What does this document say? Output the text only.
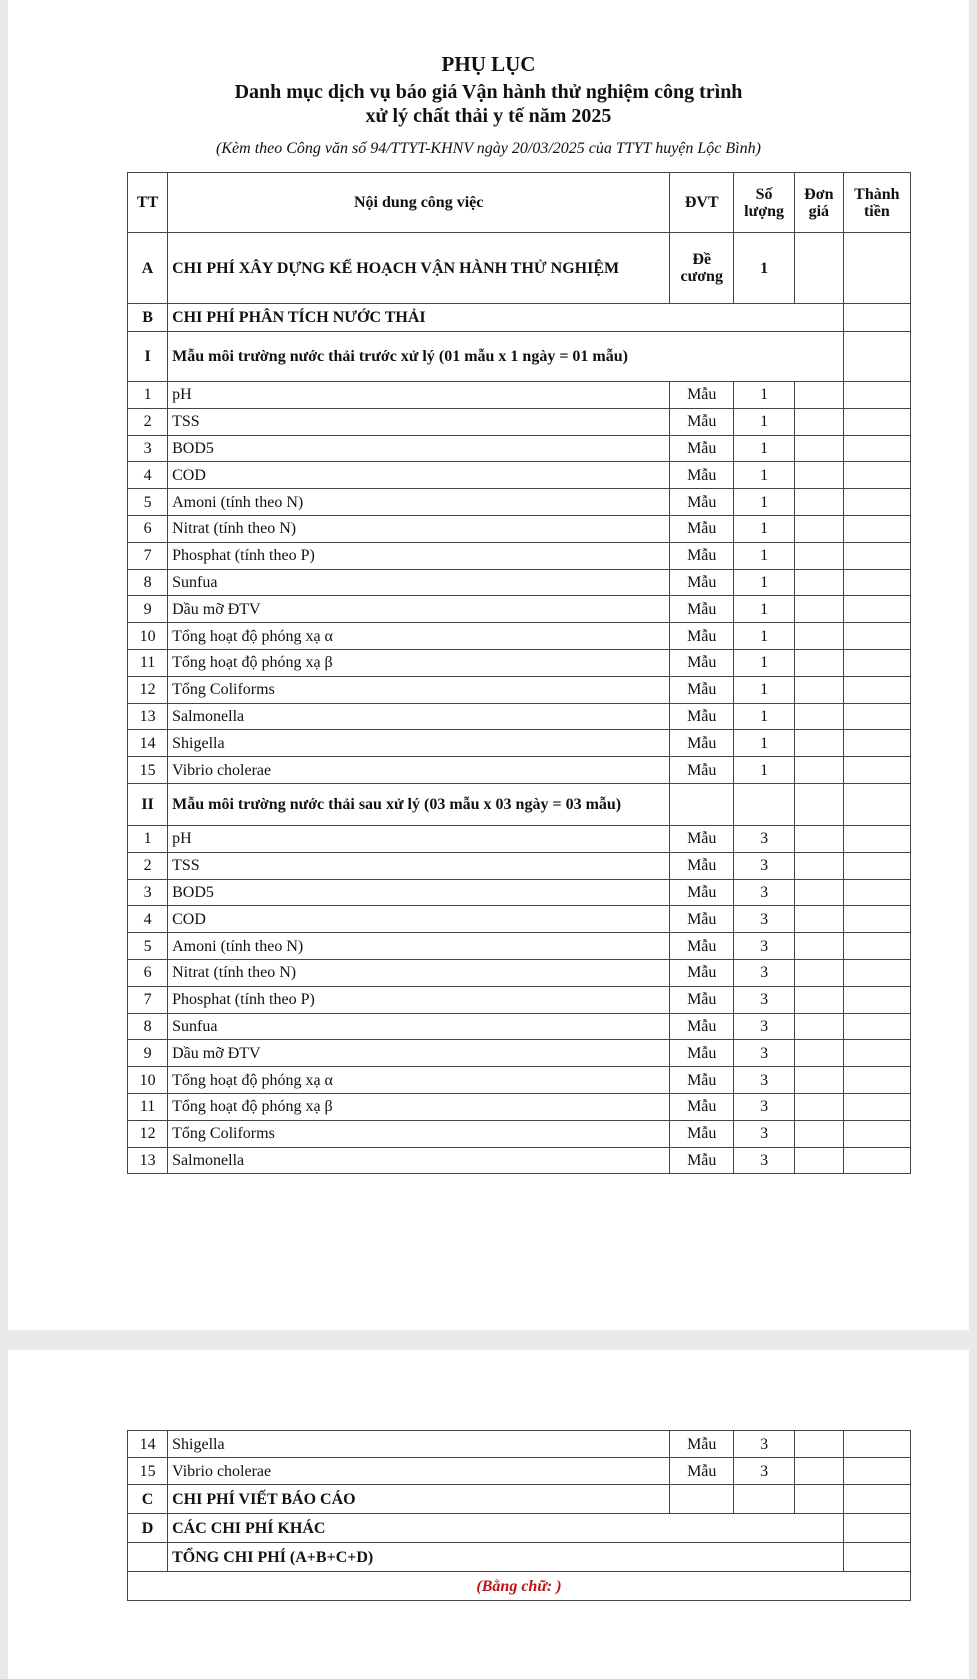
PHỤ LỤC
Danh mục dịch vụ báo giá Vận hành thử nghiệm công trình
xử lý chất thải y tế năm 2025
(Kèm theo Công văn số 94/TTYT-KHNV ngày 20/03/2025 của TTYT huyện Lộc Bình)
TT	Nội dung công việc	ĐVT	Số lượng	Đơn giá	Thành tiền
A	CHI PHÍ XÂY DỰNG KẾ HOẠCH VẬN HÀNH THỬ NGHIỆM	Đề cương	1		
B	CHI PHÍ PHÂN TÍCH NƯỚC THẢI				
I	Mẫu môi trường nước thải trước xử lý (01 mẫu x 1 ngày = 01 mẫu)				
1	pH	Mẫu	1		
2	TSS	Mẫu	1		
3	BOD5	Mẫu	1		
4	COD	Mẫu	1		
5	Amoni (tính theo N)	Mẫu	1		
6	Nitrat (tính theo N)	Mẫu	1		
7	Phosphat (tính theo P)	Mẫu	1		
8	Sunfua	Mẫu	1		
9	Dầu mỡ ĐTV	Mẫu	1		
10	Tổng hoạt độ phóng xạ α	Mẫu	1		
11	Tổng hoạt độ phóng xạ β	Mẫu	1		
12	Tổng Coliforms	Mẫu	1		
13	Salmonella	Mẫu	1		
14	Shigella	Mẫu	1		
15	Vibrio cholerae	Mẫu	1		
II	Mẫu môi trường nước thải sau xử lý (03 mẫu x 03 ngày = 03 mẫu)				
1	pH	Mẫu	3		
2	TSS	Mẫu	3		
3	BOD5	Mẫu	3		
4	COD	Mẫu	3		
5	Amoni (tính theo N)	Mẫu	3		
6	Nitrat (tính theo N)	Mẫu	3		
7	Phosphat (tính theo P)	Mẫu	3		
8	Sunfua	Mẫu	3		
9	Dầu mỡ ĐTV	Mẫu	3		
10	Tổng hoạt độ phóng xạ α	Mẫu	3		
11	Tổng hoạt độ phóng xạ β	Mẫu	3		
12	Tổng Coliforms	Mẫu	3		
13	Salmonella	Mẫu	3		
14	Shigella	Mẫu	3		
15	Vibrio cholerae	Mẫu	3		
C	CHI PHÍ VIẾT BÁO CÁO				
D	CÁC CHI PHÍ KHÁC				
	TỔNG CHI PHÍ (A+B+C+D)				
(Bằng chữ: )					
